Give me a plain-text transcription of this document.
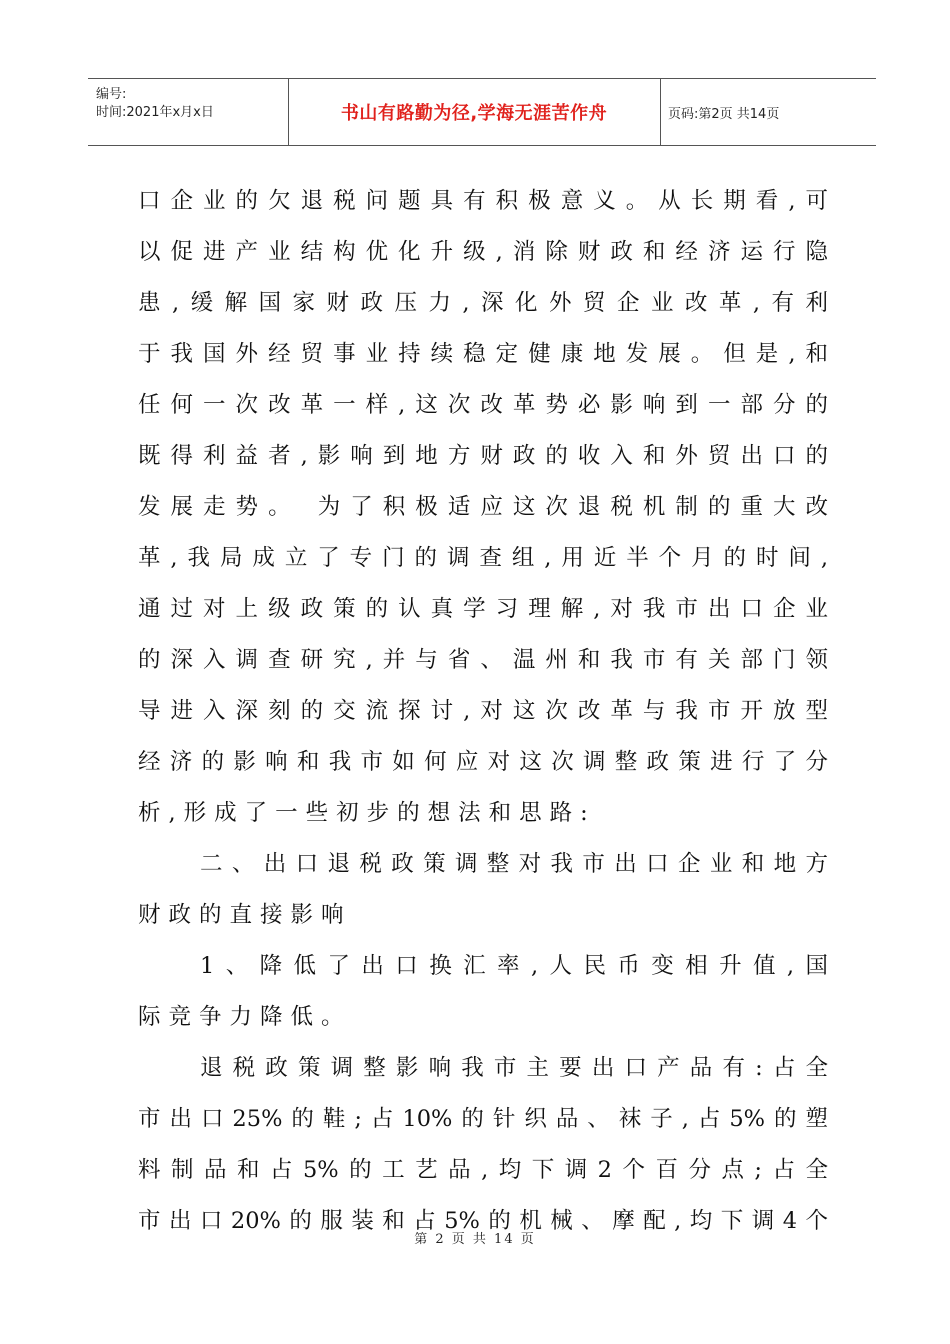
编号:
时间:2021年x月x日	书山有路勤为径,学海无涯苦作舟	页码:第2页 共14页
口企业的欠退税问题具有积极意义。从长期看,可
以促进产业结构优化升级,消除财政和经济运行隐
患,缓解国家财政压力,深化外贸企业改革,有利
于我国外经贸事业持续稳定健康地发展。但是,和
任何一次改革一样,这次改革势必影响到一部分的
既得利益者,影响到地方财政的收入和外贸出口的
发展走势。 为了积极适应这次退税机制的重大改
革,我局成立了专门的调查组,用近半个月的时间,
通过对上级政策的认真学习理解,对我市出口企业
的深入调查研究,并与省、温州和我市有关部门领
导进入深刻的交流探讨,对这次改革与我市开放型
经济的影响和我市如何应对这次调整政策进行了分
析,形成了一些初步的想法和思路:
二、出口退税政策调整对我市出口企业和地方
财政的直接影响
1、降低了出口换汇率,人民币变相升值,国
际竞争力降低。
退税政策调整影响我市主要出口产品有:占全
市出口25%的鞋;占10%的针织品、袜子,占5%的塑
料制品和占5%的工艺品,均下调2个百分点;占全
市出口20%的服装和占5%的机械、摩配,均下调4个
第 2 页 共 14 页
